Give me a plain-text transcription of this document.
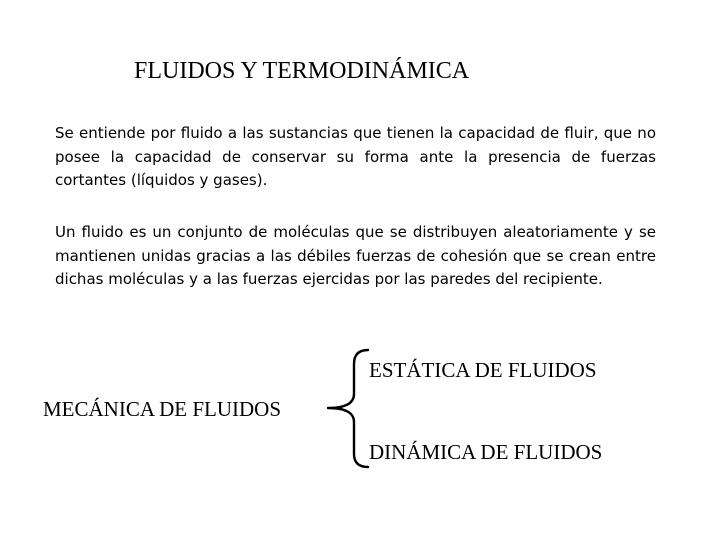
FLUIDOS Y TERMODINÁMICA

Se entiende por fluido a las sustancias que tienen la capacidad de fluir, que no posee la capacidad de conservar su forma ante la presencia de fuerzas cortantes (líquidos y gases).

Un fluido es un conjunto de moléculas que se distribuyen aleatoriamente y se mantienen unidas gracias a las débiles fuerzas de cohesión que se crean entre dichas moléculas y a las fuerzas ejercidas por las paredes del recipiente.

ESTÁTICA DE FLUIDOS
MECÁNICA DE FLUIDOS
DINÁMICA DE FLUIDOS
